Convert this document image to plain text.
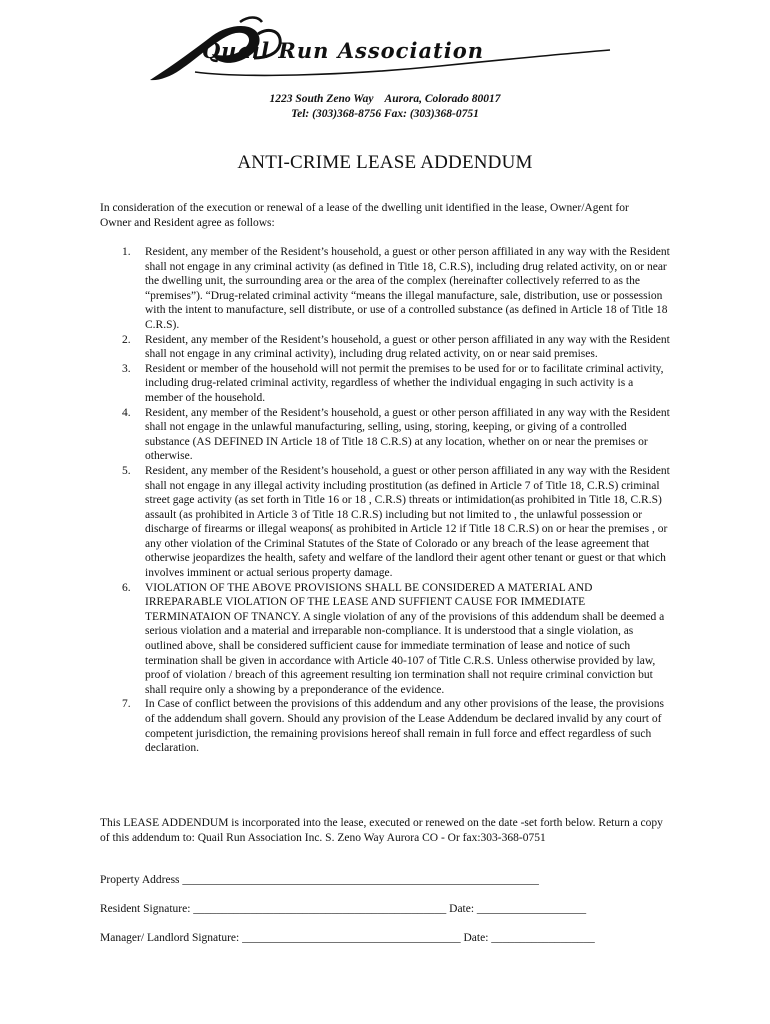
Quail Run Association
1223 South Zeno Way    Aurora, Colorado 80017
Tel: (303)368-8756 Fax: (303)368-0751
ANTI-CRIME LEASE ADDENDUM
In consideration of the execution or renewal of a lease of the dwelling unit identified in the lease, Owner/Agent for Owner and Resident agree as follows:
1. Resident, any member of the Resident’s household, a guest or other person affiliated in any way with the Resident shall not engage in any criminal activity (as defined in Title 18, C.R.S), including drug related activity, on or near the dwelling unit, the surrounding area or the area of the complex (hereinafter collectively referred to as the “premises”). “Drug-related criminal activity “means the illegal manufacture, sale, distribution, use or possession with the intent to manufacture, sell distribute, or use of a controlled substance (as defined in Article 18 of Title 18 C.R.S).
2. Resident, any member of the Resident’s household, a guest or other person affiliated in any way with the Resident shall not engage in any criminal activity), including drug related activity, on or near said premises.
3. Resident or member of the household will not permit the premises to be used for or to facilitate criminal activity, including drug-related criminal activity, regardless of whether the individual engaging in such activity is a member of the household.
4. Resident, any member of the Resident’s household, a guest or other person affiliated in any way with the Resident shall not engage in the unlawful manufacturing, selling, using, storing, keeping, or giving of a controlled substance (AS DEFINED IN Article 18 of Title 18 C.R.S) at any location, whether on or near the premises or otherwise.
5. Resident, any member of the Resident’s household, a guest or other person affiliated in any way with the Resident shall not engage in any illegal activity including prostitution (as defined in Article 7 of Title 18, C.R.S) criminal street gage activity (as set forth in Title 16 or 18 , C.R.S) threats or intimidation(as prohibited in Title 18, C.R.S) assault (as prohibited in Article 3 of Title 18 C.R.S) including but not limited to , the unlawful possession or discharge of firearms or illegal weapons( as prohibited in Article 12 if Title 18 C.R.S) on or hear the premises , or any other violation of the Criminal Statutes of the State of Colorado or any breach of the lease agreement that otherwise jeopardizes the health, safety and welfare of the landlord their agent other tenant or guest or that which involves imminent or actual serious property damage.
6. VIOLATION OF THE ABOVE PROVISIONS SHALL BE CONSIDERED A MATERIAL AND IRREPARABLE VIOLATION OF THE LEASE AND SUFFIENT CAUSE FOR IMMEDIATE TERMINATAION OF TNANCY. A single violation of any of the provisions of this addendum shall be deemed a serious violation and a material and irreparable non-compliance. It is understood that a single violation, as outlined above, shall be considered sufficient cause for immediate termination of lease and notice of such termination shall be given in accordance with Article 40-107 of Title C.R.S. Unless otherwise provided by law, proof of violation / breach of this agreement resulting ion termination shall not require criminal conviction but shall require only a showing by a preponderance of the evidence.
7. In Case of conflict between the provisions of this addendum and any other provisions of the lease, the provisions of the addendum shall govern. Should any provision of the Lease Addendum be declared invalid by any court of competent jurisdiction, the remaining provisions hereof shall remain in full force and effect regardless of such declaration.
This LEASE ADDENDUM is incorporated into the lease, executed or renewed on the date -set forth below. Return a copy of this addendum to: Quail Run Association Inc. S. Zeno Way Aurora CO - Or fax:303-368-0751
Property Address ______________________________________________________________
Resident Signature: ____________________________________________ Date: ___________________
Manager/ Landlord Signature: ______________________________________ Date: __________________
